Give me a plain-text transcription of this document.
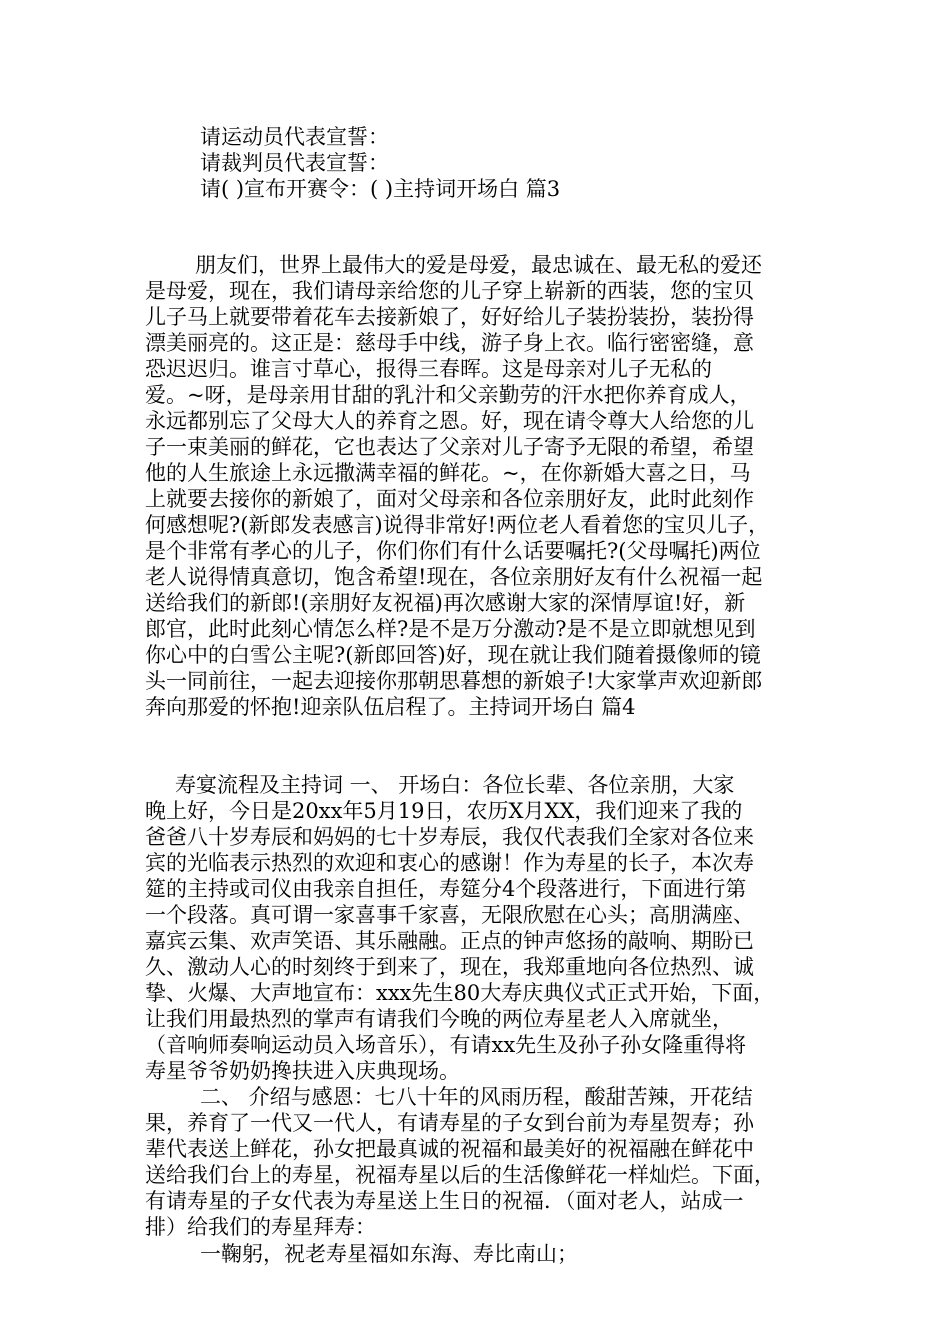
请运动员代表宣誓：
请裁判员代表宣誓：
请( )宣布开赛令：( )主持词开场白 篇3
朋友们，世界上最伟大的爱是母爱，最忠诚在、最无私的爱还
是母爱，现在，我们请母亲给您的儿子穿上崭新的西装，您的宝贝
儿子马上就要带着花车去接新娘了，好好给儿子装扮装扮，装扮得
漂美丽亮的。这正是：慈母手中线，游子身上衣。临行密密缝，意
恐迟迟归。谁言寸草心，报得三春晖。这是母亲对儿子无私的
爱。~呀，是母亲用甘甜的乳汁和父亲勤劳的汗水把你养育成人，
永远都别忘了父母大人的养育之恩。好，现在请令尊大人给您的儿
子一束美丽的鲜花，它也表达了父亲对儿子寄予无限的希望，希望
他的人生旅途上永远撒满幸福的鲜花。~，在你新婚大喜之日，马
上就要去接你的新娘了，面对父母亲和各位亲朋好友，此时此刻作
何感想呢?(新郎发表感言)说得非常好!两位老人看着您的宝贝儿子，
是个非常有孝心的儿子，你们你们有什么话要嘱托?(父母嘱托)两位
老人说得情真意切，饱含希望!现在，各位亲朋好友有什么祝福一起
送给我们的新郎!(亲朋好友祝福)再次感谢大家的深情厚谊!好，新
郎官，此时此刻心情怎么样?是不是万分激动?是不是立即就想见到
你心中的白雪公主呢?(新郎回答)好，现在就让我们随着摄像师的镜
头一同前往，一起去迎接你那朝思暮想的新娘子!大家掌声欢迎新郎
奔向那爱的怀抱!迎亲队伍启程了。主持词开场白 篇4
寿宴流程及主持词 一、 开场白：各位长辈、各位亲朋，大家
晚上好，今日是20xx年5月19日，农历X月XX，我们迎来了我的
爸爸八十岁寿辰和妈妈的七十岁寿辰，我仅代表我们全家对各位来
宾的光临表示热烈的欢迎和衷心的感谢！作为寿星的长子，本次寿
筵的主持或司仪由我亲自担任，寿筵分4个段落进行，下面进行第
一个段落。真可谓一家喜事千家喜，无限欣慰在心头；高朋满座、
嘉宾云集、欢声笑语、其乐融融。正点的钟声悠扬的敲响、期盼已
久、激动人心的时刻终于到来了，现在，我郑重地向各位热烈、诚
挚、火爆、大声地宣布：xxx先生80大寿庆典仪式正式开始，下面，
让我们用最热烈的掌声有请我们今晚的两位寿星老人入席就坐，
（音响师奏响运动员入场音乐），有请xx先生及孙子孙女隆重得将
寿星爷爷奶奶搀扶进入庆典现场。
二、 介绍与感恩：七八十年的风雨历程，酸甜苦辣，开花结
果，养育了一代又一代人，有请寿星的子女到台前为寿星贺寿；孙
辈代表送上鲜花，孙女把最真诚的祝福和最美好的祝福融在鲜花中
送给我们台上的寿星，祝福寿星以后的生活像鲜花一样灿烂。下面，
有请寿星的子女代表为寿星送上生日的祝福．（面对老人，站成一
排）给我们的寿星拜寿：
一鞠躬，祝老寿星福如东海、寿比南山；
